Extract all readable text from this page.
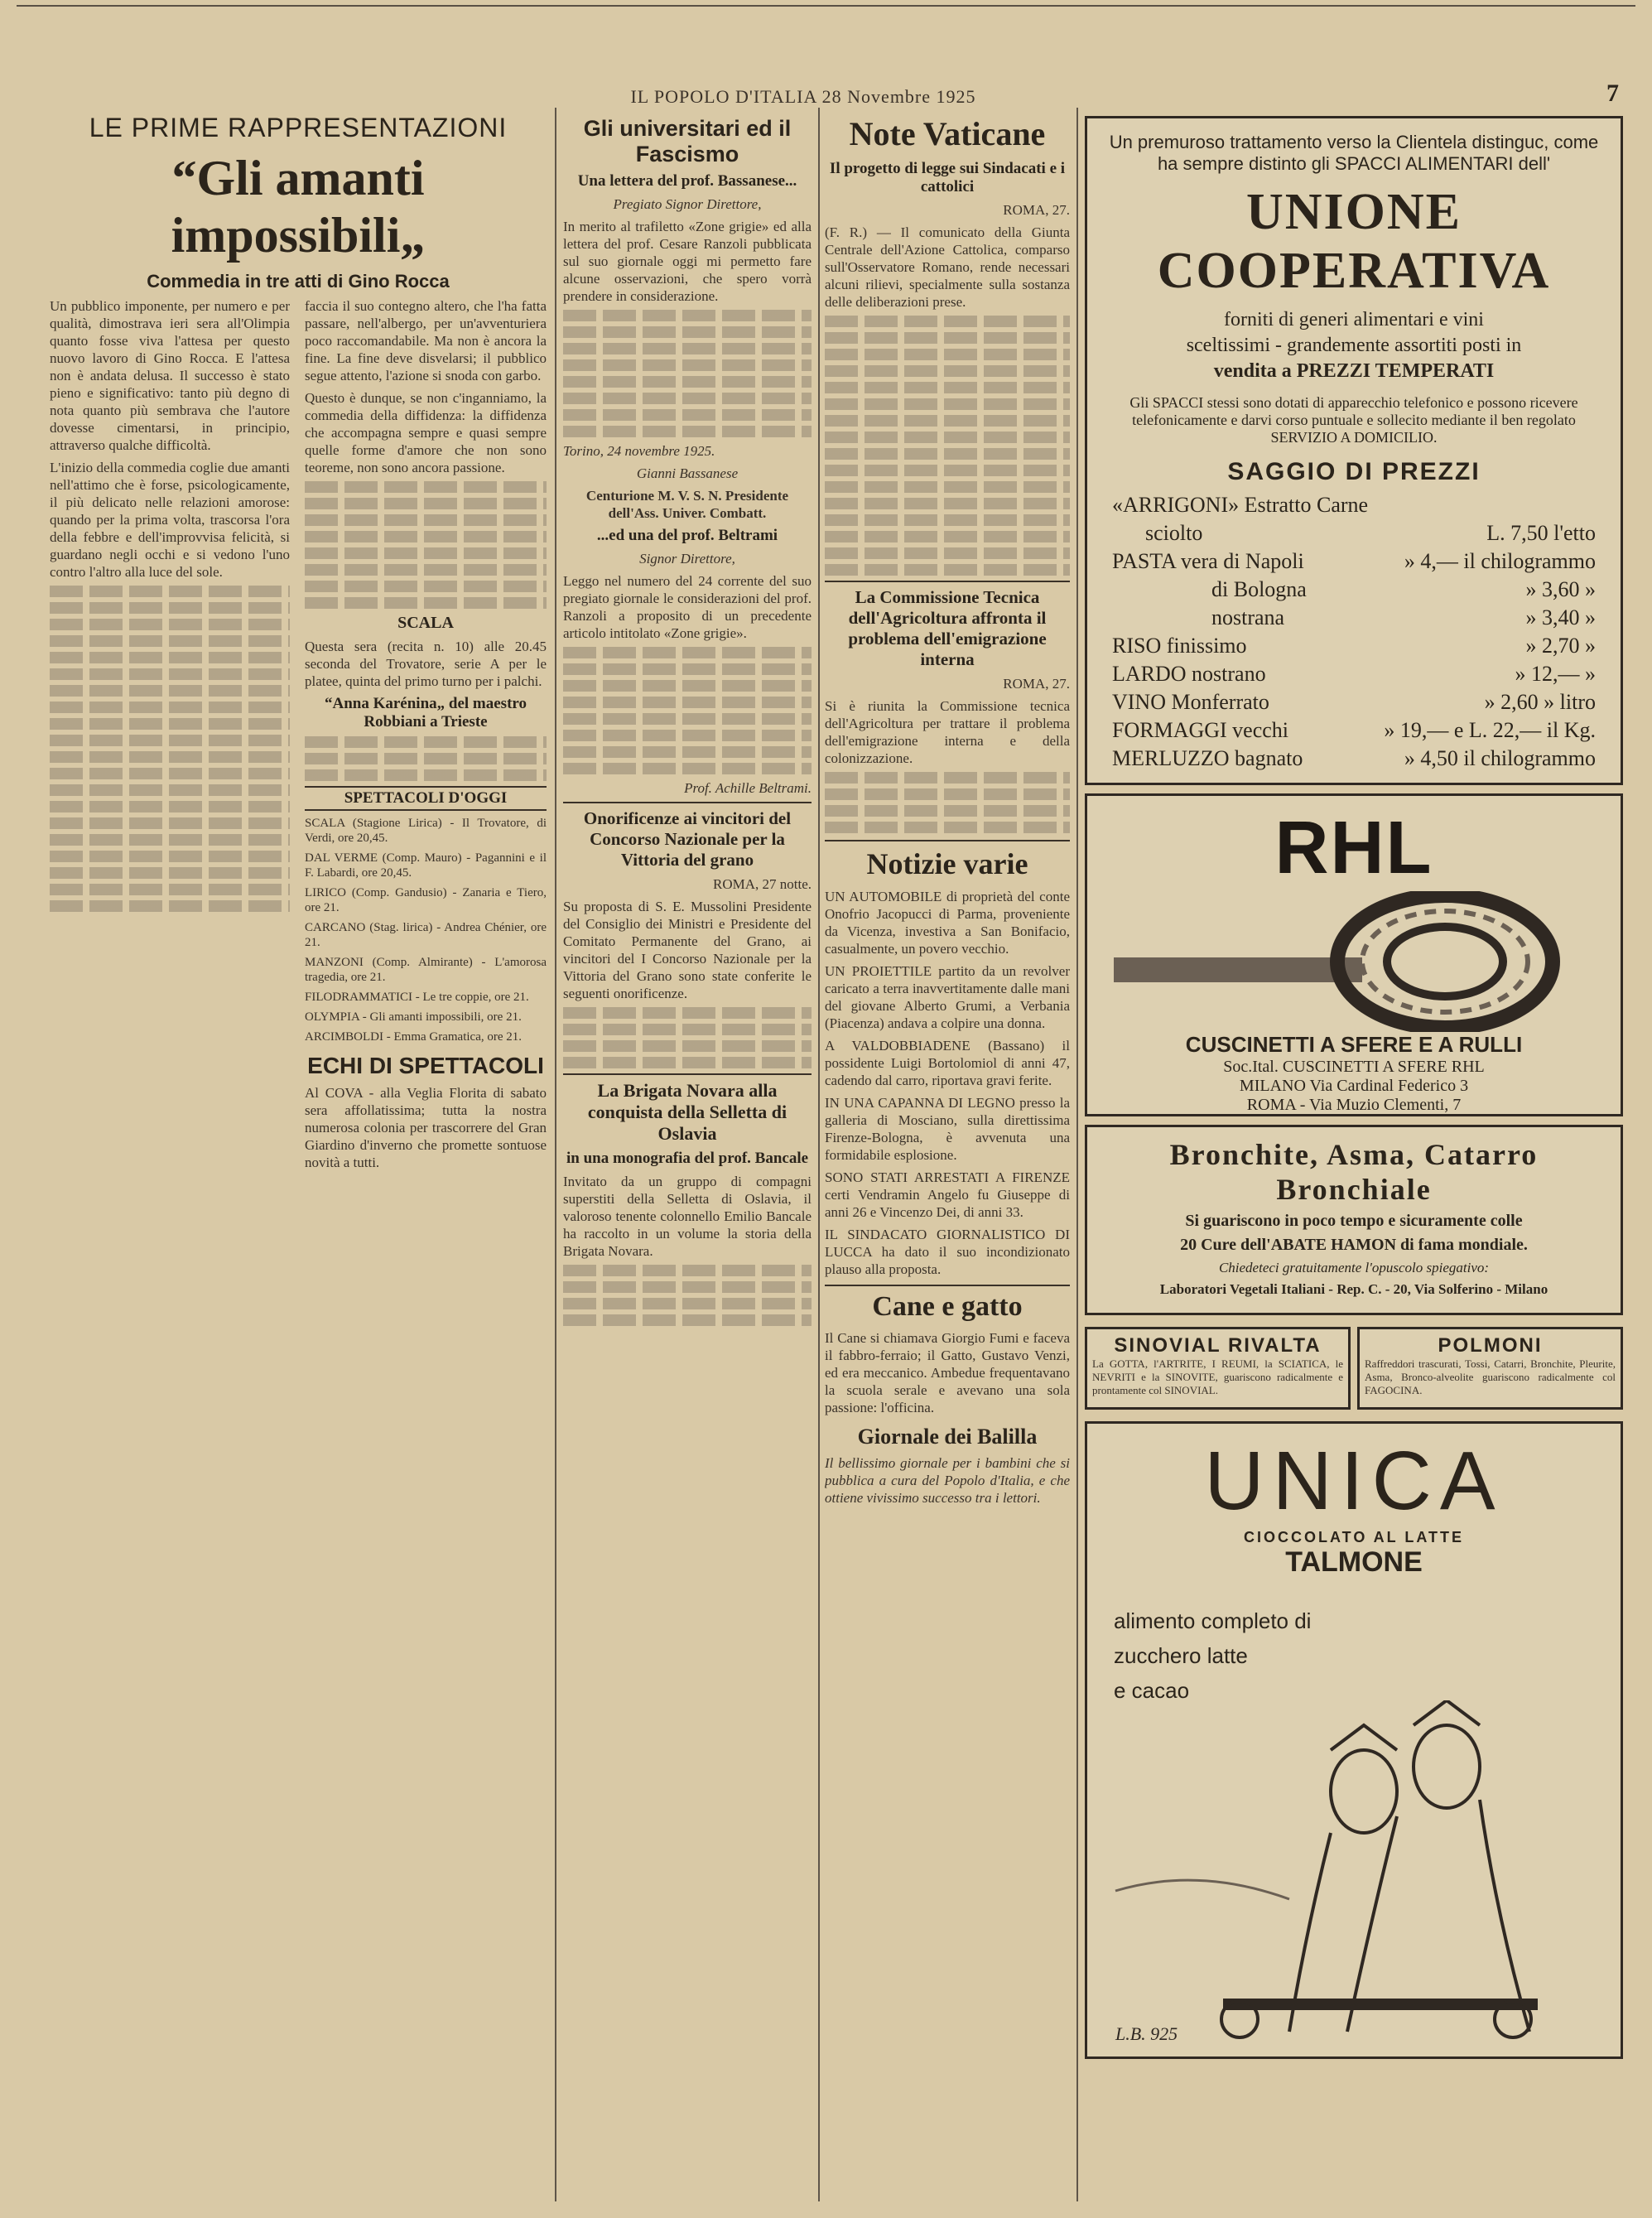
IL POPOLO D'ITALIA 28 Novembre 1925	7
LE PRIME RAPPRESENTAZIONI
“Gli amanti impossibili„
Commedia in tre atti di Gino Rocca

Un pubblico imponente, per numero e per qualità, dimostrava ieri sera all'Olimpia quanto fosse viva l'attesa per questo nuovo lavoro di Gino Rocca. E l'attesa non è andata delusa. Il successo è stato pieno e significativo: tanto più degno di nota quanto più sembrava che l'autore dovesse cimentarsi, in principio, attraverso qualche difficoltà.

L'inizio della commedia coglie due amanti nell'attimo che è forse, psicologicamente, il più delicato nelle relazioni amorose: quando per la prima volta, trascorsa l'ora della febbre e dell'improvvisa felicità, si guardano negli occhi e si vedono l'uno contro l'altro alla luce del sole.

faccia il suo contegno altero, che l'ha fatta passare, nell'albergo, per un'avventuriera poco raccomandabile. Ma non è ancora la fine. La fine deve disvelarsi; il pubblico segue attento, l'azione si snoda con garbo.

Questo è dunque, se non c'inganniamo, la commedia della diffidenza: la diffidenza che accompagna sempre e quasi sempre quelle forme d'amore che non sono teoreme, non sono ancora passione.

SCALA

Questa sera (recita n. 10) alle 20.45 seconda del Trovatore, serie A per le platee, quinta del primo turno per i palchi.

“Anna Karénina„ del maestro Robbiani a Trieste
SPETTACOLI D'OGGI

SCALA (Stagione Lirica) - Il Trovatore, di Verdi, ore 20,45.

DAL VERME (Comp. Mauro) - Pagannini e il F. Labardi, ore 20,45.

LIRICO (Comp. Gandusio) - Zanaria e Tiero, ore 21.

CARCANO (Stag. lirica) - Andrea Chénier, ore 21.

MANZONI (Comp. Almirante) - L'amorosa tragedia, ore 21.

FILODRAMMATICI - Le tre coppie, ore 21.

OLYMPIA - Gli amanti impossibili, ore 21.

ARCIMBOLDI - Emma Gramatica, ore 21.

ECHI DI SPETTACOLI

Al COVA - alla Veglia Florita di sabato sera affollatissima; tutta la nostra numerosa colonia per trascorrere del Gran Giardino d'inverno che promette sontuose novità a tutti.

Gli universitari ed il Fascismo
Una lettera del prof. Bassanese...

Pregiato Signor Direttore,

In merito al trafiletto «Zone grigie» ed alla lettera del prof. Cesare Ranzoli pubblicata sul suo giornale oggi mi permetto fare alcune osservazioni, che spero vorrà prendere in considerazione.

Torino, 24 novembre 1925.

Gianni Bassanese

Centurione M. V. S. N. Presidente dell'Ass. Univer. Combatt.

...ed una del prof. Beltrami

Signor Direttore,

Leggo nel numero del 24 corrente del suo pregiato giornale le considerazioni del prof. Ranzoli a proposito di un precedente articolo intitolato «Zone grigie».

Prof. Achille Beltrami.

Onorificenze ai vincitori del Concorso Nazionale per la Vittoria del grano

ROMA, 27 notte.

Su proposta di S. E. Mussolini Presidente del Consiglio dei Ministri e Presidente del Comitato Permanente del Grano, ai vincitori del I Concorso Nazionale per la Vittoria del Grano sono state conferite le seguenti onorificenze.

La Brigata Novara alla conquista della Selletta di Oslavia
in una monografia del prof. Bancale

Invitato da un gruppo di compagni superstiti della Selletta di Oslavia, il valoroso tenente colonnello Emilio Bancale ha raccolto in un volume la storia della Brigata Novara.

Note Vaticane
Il progetto di legge sui Sindacati e i cattolici

ROMA, 27.

(F. R.) — Il comunicato della Giunta Centrale dell'Azione Cattolica, comparso sull'Osservatore Romano, rende necessari alcuni rilievi, specialmente sulla sostanza delle deliberazioni prese.

La Commissione Tecnica dell'Agricoltura affronta il problema dell'emigrazione interna

ROMA, 27.

Si è riunita la Commissione tecnica dell'Agricoltura per trattare il problema dell'emigrazione interna e della colonizzazione.

Notizie varie

UN AUTOMOBILE di proprietà del conte Onofrio Jacopucci di Parma, proveniente da Vicenza, investiva a San Bonifacio, casualmente, un povero vecchio.

UN PROIETTILE partito da un revolver caricato a terra inavvertitamente dalle mani del giovane Alberto Grumi, a Verbania (Piacenza) andava a colpire una donna.

A VALDOBBIADENE (Bassano) il possidente Luigi Bortolomiol di anni 47, cadendo dal carro, riportava gravi ferite.

IN UNA CAPANNA DI LEGNO presso la galleria di Mosciano, sulla direttissima Firenze-Bologna, è avvenuta una formidabile esplosione.

SONO STATI ARRESTATI A FIRENZE certi Vendramin Angelo fu Giuseppe di anni 26 e Vincenzo Dei, di anni 33.

IL SINDACATO GIORNALISTICO DI LUCCA ha dato il suo incondizionato plauso alla proposta.

Cane e gatto

Il Cane si chiamava Giorgio Fumi e faceva il fabbro-ferraio; il Gatto, Gustavo Venzi, ed era meccanico. Ambedue frequentavano la scuola serale e avevano una sola passione: l'officina.

Giornale dei Balilla

Il bellissimo giornale per i bambini che si pubblica a cura del Popolo d'Italia, e che ottiene vivissimo successo tra i lettori.

Un premuroso trattamento verso la Clientela distinguc, come ha sempre distinto gli SPACCI ALIMENTARI dell'

UNIONE COOPERATIVA

forniti di generi alimentari e vini

sceltissimi - grandemente assortiti posti in

vendita a PREZZI TEMPERATI

Gli SPACCI stessi sono dotati di apparecchio telefonico e possono ricevere telefonicamente e darvi corso puntuale e sollecito mediante il ben regolato SERVIZIO A DOMICILIO.

SAGGIO DI PREZZI
«ARRIGONI» Estratto Carne
sciolto	L. 7,50 l'etto
PASTA vera di Napoli	» 4,— il chilogrammo
di Bologna	» 3,60 »
nostrana	» 3,40 »
RISO finissimo	» 2,70 »
LARDO nostrano	» 12,— »
VINO Monferrato	» 2,60 » litro
FORMAGGI vecchi	» 19,— e L. 22,— il Kg.
MERLUZZO bagnato	» 4,50 il chilogrammo
RHL
CUSCINETTI A SFERE E A RULLI
Soc.Ital. CUSCINETTI A SFERE RHL
MILANO Via Cardinal Federico 3
ROMA - Via Muzio Clementi, 7
Bronchite, Asma, Catarro Bronchiale

Si guariscono in poco tempo e sicuramente colle

20 Cure dell'ABATE HAMON di fama mondiale.

Chiedeteci gratuitamente l'opuscolo spiegativo:

Laboratori Vegetali Italiani - Rep. C. - 20, Via Solferino - Milano

SINOVIAL RIVALTA

La GOTTA, l'ARTRITE, I REUMI, la SCIATICA, le NEVRITI e la SINOVITE, guariscono radicalmente e prontamente col SINOVIAL.

POLMONI

Raffreddori trascurati, Tossi, Catarri, Bronchite, Pleurite, Asma, Bronco-alveolite guariscono radicalmente col FAGOCINA.

UNICA
CIOCCOLATO AL LATTE
TALMONE
alimento completo di
zucchero latte
e cacao
L.B. 925
